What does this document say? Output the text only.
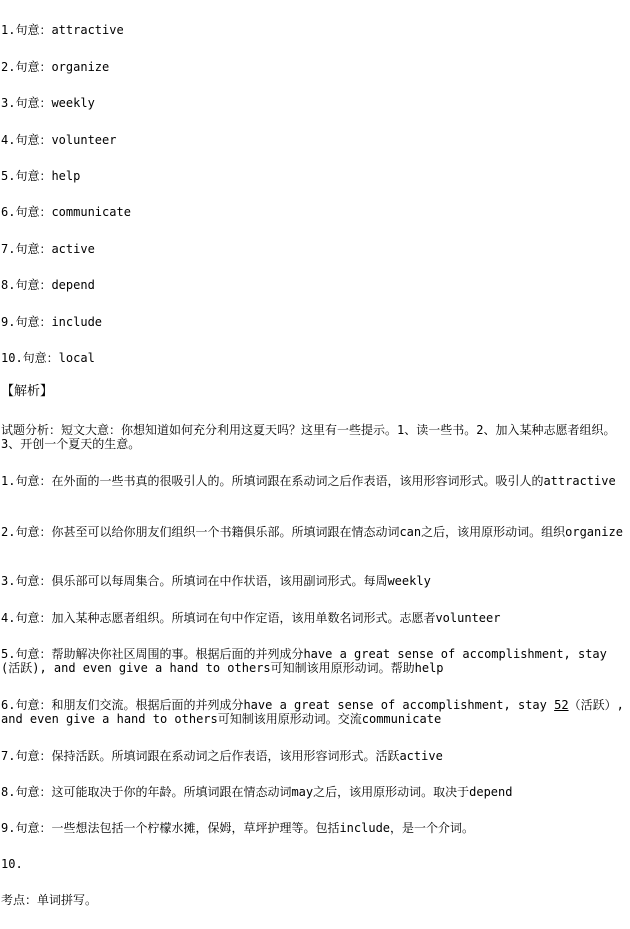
1.句意：attractive
2.句意：organize
3.句意：weekly
4.句意：volunteer
5.句意：help
6.句意：communicate
7.句意：active
8.句意：depend
9.句意：include
10.句意：local
【解析】
试题分析：短文大意：你想知道如何充分利用这夏天吗？这里有一些提示。1、读一些书。2、加入某种志愿者组织。3、开创一个夏天的生意。
1.句意：在外面的一些书真的很吸引人的。所填词跟在系动词之后作表语，该用形容词形式。吸引人的attractive
2.句意：你甚至可以给你朋友们组织一个书籍俱乐部。所填词跟在情态动词can之后，该用原形动词。组织organize
3.句意：俱乐部可以每周集合。所填词在中作状语，该用副词形式。每周weekly
4.句意：加入某种志愿者组织。所填词在句中作定语，该用单数名词形式。志愿者volunteer
5.句意：帮助解决你社区周围的事。根据后面的并列成分have a great sense of accomplishment, stay (活跃), and even give a hand to others可知制该用原形动词。帮助help
6.句意：和朋友们交流。根据后面的并列成分have a great sense of accomplishment, stay 52（活跃）, and even give a hand to others可知制该用原形动词。交流communicate
7.句意：保持活跃。所填词跟在系动词之后作表语，该用形容词形式。活跃active
8.句意：这可能取决于你的年龄。所填词跟在情态动词may之后，该用原形动词。取决于depend
9.句意：一些想法包括一个柠檬水摊，保姆，草坪护理等。包括include，是一个介词。
10.
考点：单词拼写。
